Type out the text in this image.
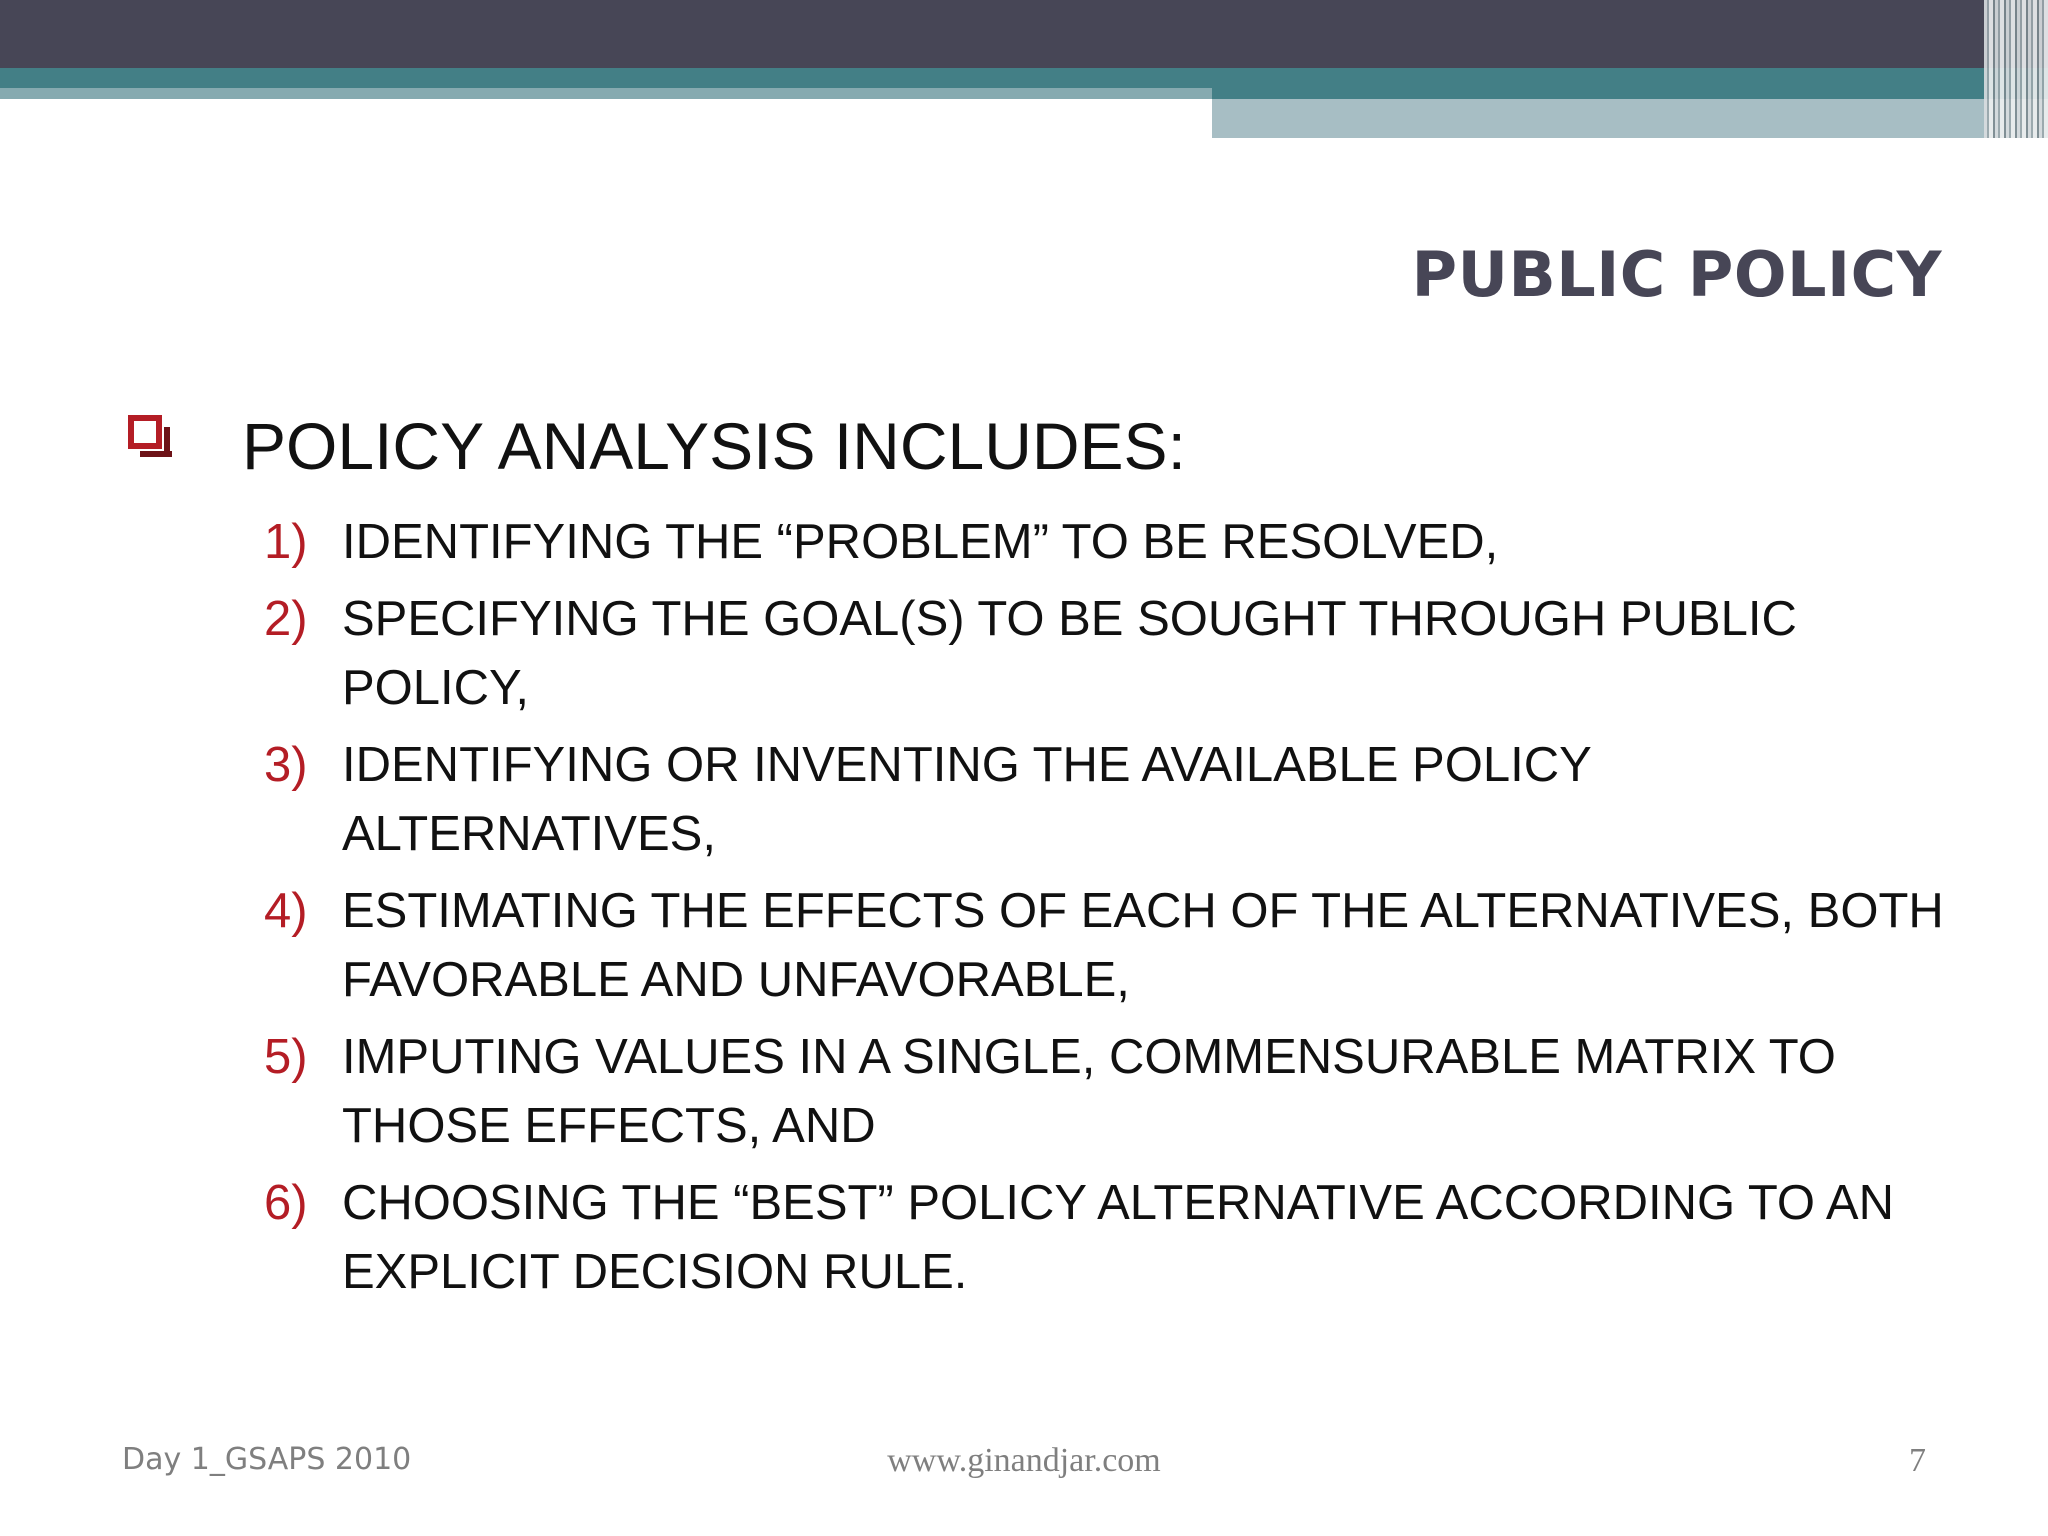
PUBLIC POLICY
POLICY ANALYSIS INCLUDES:
1) IDENTIFYING THE “PROBLEM” TO BE RESOLVED,
2) SPECIFYING THE GOAL(S) TO BE SOUGHT THROUGH PUBLIC POLICY,
3) IDENTIFYING OR INVENTING THE AVAILABLE POLICY ALTERNATIVES,
4) ESTIMATING THE EFFECTS OF EACH OF THE ALTERNATIVES, BOTH FAVORABLE AND UNFAVORABLE,
5) IMPUTING VALUES IN A SINGLE, COMMENSURABLE MATRIX TO THOSE EFFECTS, AND
6) CHOOSING THE “BEST” POLICY ALTERNATIVE ACCORDING TO AN EXPLICIT DECISION RULE.
Day 1_GSAPS 2010	www.ginandjar.com	7
